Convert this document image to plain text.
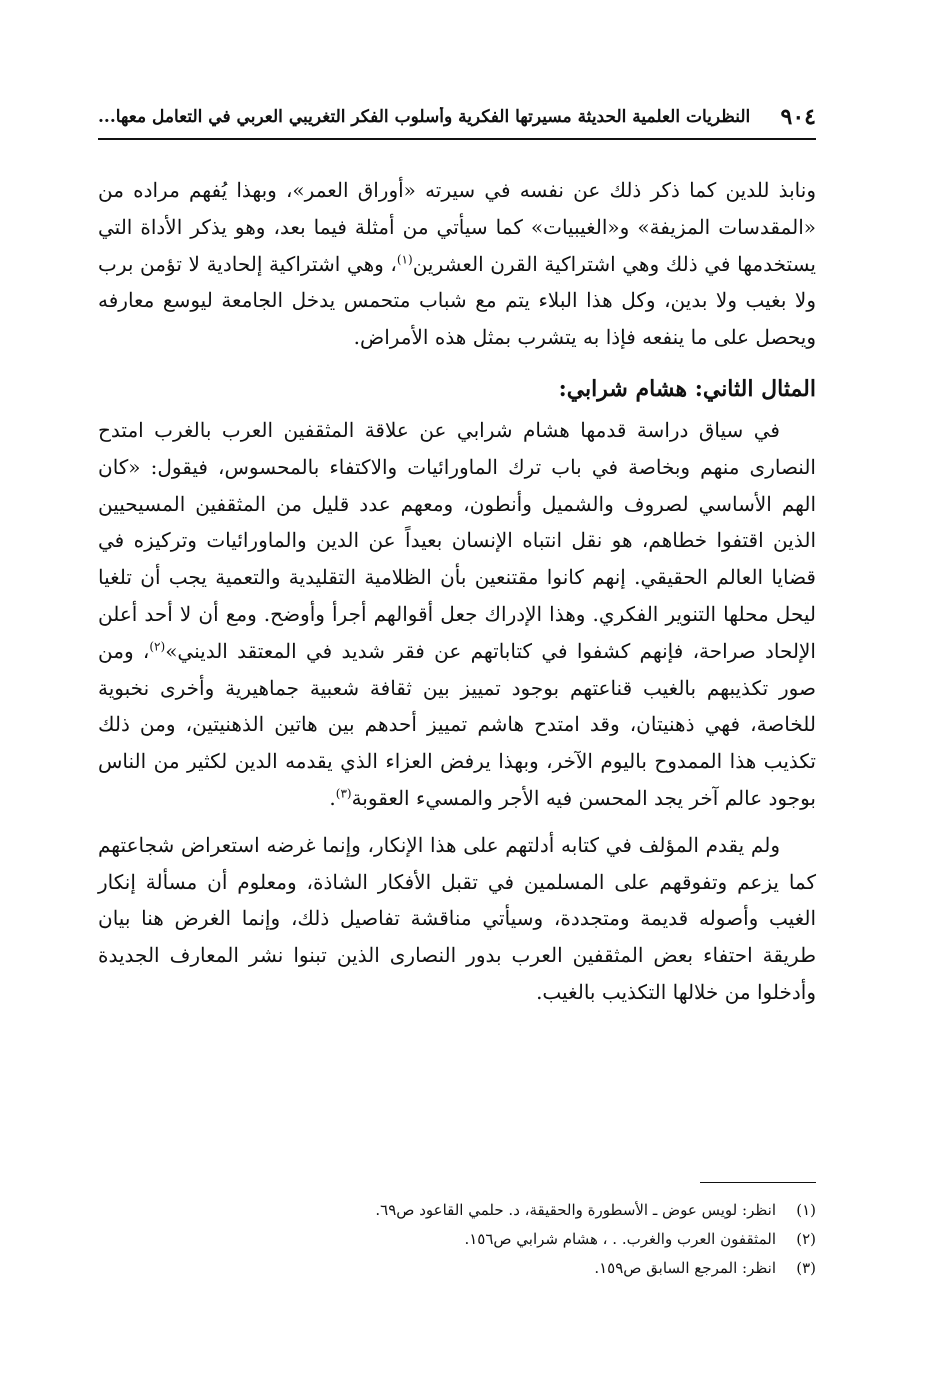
٩٠٤
النظريات العلمية الحديثة مسيرتها الفكرية وأسلوب الفكر التغريبي العربي في التعامل معها...

ونابذ للدين كما ذكر ذلك عن نفسه في سيرته «أوراق العمر»، وبهذا يُفهم مراده من «المقدسات المزيفة» و«الغيبيات» كما سيأتي من أمثلة فيما بعد، وهو يذكر الأداة التي يستخدمها في ذلك وهي اشتراكية القرن العشرين$^{(١)}$، وهي اشتراكية إلحادية لا تؤمن برب ولا بغيب ولا بدين، وكل هذا البلاء يتم مع شباب متحمس يدخل الجامعة ليوسع معارفه ويحصل على ما ينفعه فإذا به يتشرب بمثل هذه الأمراض.

المثال الثاني: هشام شرابي:

في سياق دراسة قدمها هشام شرابي عن علاقة المثقفين العرب بالغرب امتدح النصارى منهم وبخاصة في باب ترك الماورائيات والاكتفاء بالمحسوس، فيقول: «كان الهم الأساسي لصروف والشميل وأنطون، ومعهم عدد قليل من المثقفين المسيحيين الذين اقتفوا خطاهم، هو نقل انتباه الإنسان بعيداً عن الدين والماورائيات وتركيزه في قضايا العالم الحقيقي. إنهم كانوا مقتنعين بأن الظلامية التقليدية والتعمية يجب أن تلغيا ليحل محلها التنوير الفكري. وهذا الإدراك جعل أقوالهم أجرأ وأوضح. ومع أن لا أحد أعلن الإلحاد صراحة، فإنهم كشفوا في كتاباتهم عن فقر شديد في المعتقد الديني»$^{(٢)}$، ومن صور تكذيبهم بالغيب قناعتهم بوجود تمييز بين ثقافة شعبية جماهيرية وأخرى نخبوية للخاصة، فهي ذهنيتان، وقد امتدح هاشم تمييز أحدهم بين هاتين الذهنيتين، ومن ذلك تكذيب هذا الممدوح باليوم الآخر، وبهذا يرفض العزاء الذي يقدمه الدين لكثير من الناس بوجود عالم آخر يجد المحسن فيه الأجر والمسيء العقوبة$^{(٣)}$.

ولم يقدم المؤلف في كتابه أدلتهم على هذا الإنكار، وإنما غرضه استعراض شجاعتهم كما يزعم وتفوقهم على المسلمين في تقبل الأفكار الشاذة، ومعلوم أن مسألة إنكار الغيب وأصوله قديمة ومتجددة، وسيأتي مناقشة تفاصيل ذلك، وإنما الغرض هنا بيان طريقة احتفاء بعض المثقفين العرب بدور النصارى الذين تبنوا نشر المعارف الجديدة وأدخلوا من خلالها التكذيب بالغيب.

(١)
انظر: لويس عوض ـ الأسطورة والحقيقة، د. حلمي القاعود ص٦٩.
(٢)
المثقفون العرب والغرب. . ، هشام شرابي ص١٥٦.
(٣)
انظر: المرجع السابق ص١٥٩.
